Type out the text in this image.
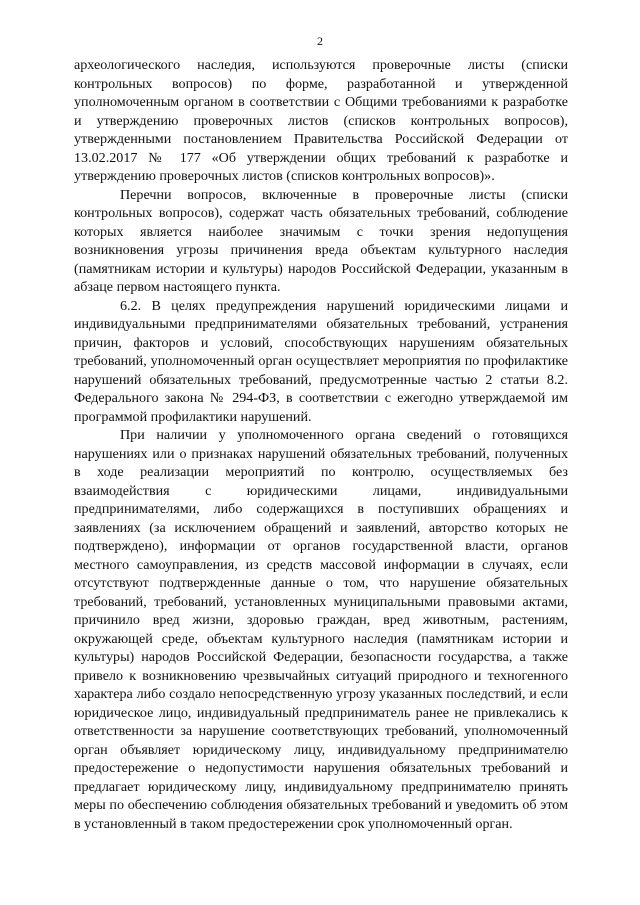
2

археологического наследия, используются проверочные листы (списки контрольных вопросов) по форме, разработанной и утвержденной уполномоченным органом в соответствии с Общими требованиями к разработке и утверждению проверочных листов (списков контрольных вопросов), утвержденными постановлением Правительства Российской Федерации от 13.02.2017 № 177 «Об утверждении общих требований к разработке и утверждению проверочных листов (списков контрольных вопросов)».

Перечни вопросов, включенные в проверочные листы (списки контрольных вопросов), содержат часть обязательных требований, соблюдение которых является наиболее значимым с точки зрения недопущения возникновения угрозы причинения вреда объектам культурного наследия (памятникам истории и культуры) народов Российской Федерации, указанным в абзаце первом настоящего пункта.

6.2. В целях предупреждения нарушений юридическими лицами и индивидуальными предпринимателями обязательных требований, устранения причин, факторов и условий, способствующих нарушениям обязательных требований, уполномоченный орган осуществляет мероприятия по профилактике нарушений обязательных требований, предусмотренные частью 2 статьи 8.2. Федерального закона № 294-ФЗ, в соответствии с ежегодно утверждаемой им программой профилактики нарушений.

При наличии у уполномоченного органа сведений о готовящихся нарушениях или о признаках нарушений обязательных требований, полученных в ходе реализации мероприятий по контролю, осуществляемых без взаимодействия с юридическими лицами, индивидуальными предпринимателями, либо содержащихся в поступивших обращениях и заявлениях (за исключением обращений и заявлений, авторство которых не подтверждено), информации от органов государственной власти, органов местного самоуправления, из средств массовой информации в случаях, если отсутствуют подтвержденные данные о том, что нарушение обязательных требований, требований, установленных муниципальными правовыми актами, причинило вред жизни, здоровью граждан, вред животным, растениям, окружающей среде, объектам культурного наследия (памятникам истории и культуры) народов Российской Федерации, безопасности государства, а также привело к возникновению чрезвычайных ситуаций природного и техногенного характера либо создало непосредственную угрозу указанных последствий, и если юридическое лицо, индивидуальный предприниматель ранее не привлекались к ответственности за нарушение соответствующих требований, уполномоченный орган объявляет юридическому лицу, индивидуальному предпринимателю предостережение о недопустимости нарушения обязательных требований и предлагает юридическому лицу, индивидуальному предпринимателю принять меры по обеспечению соблюдения обязательных требований и уведомить об этом в установленный в таком предостережении срок уполномоченный орган.
